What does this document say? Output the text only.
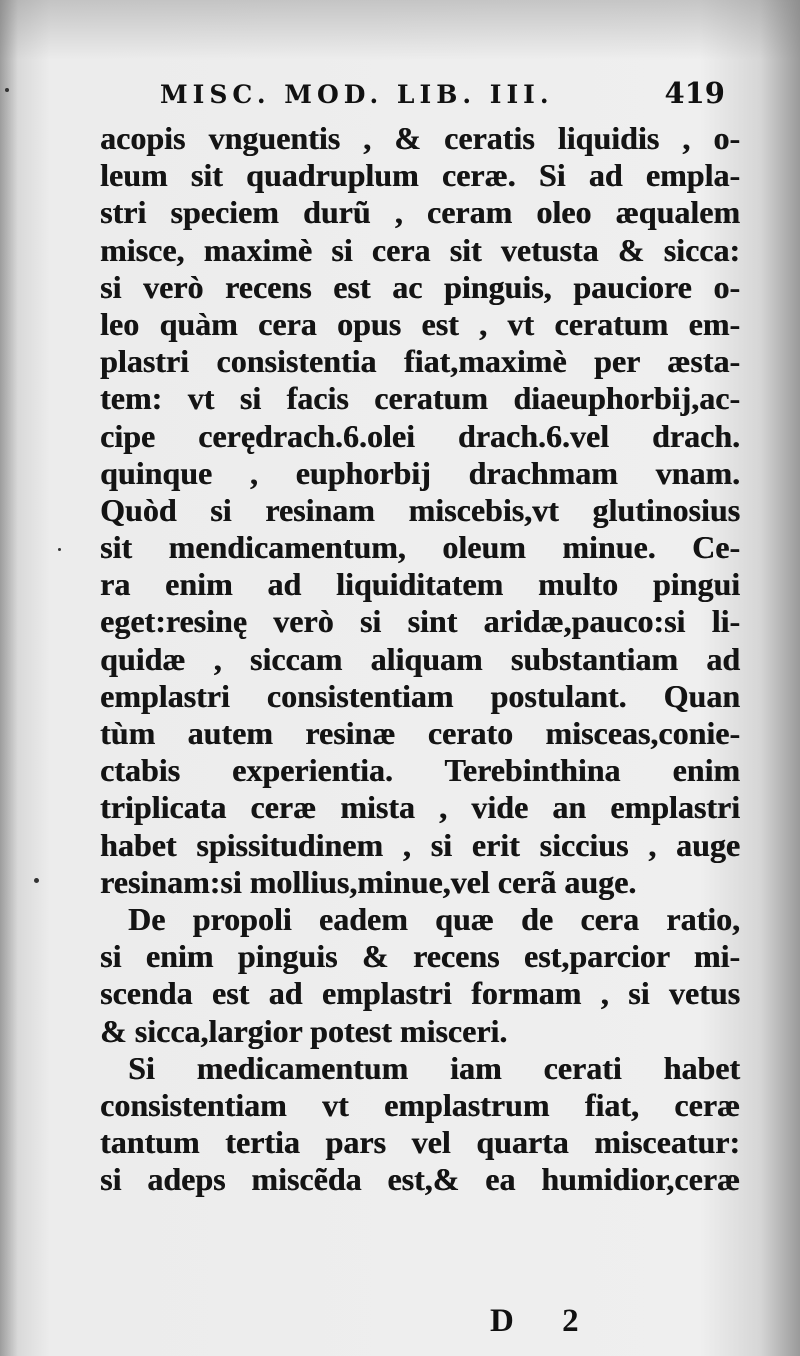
MISC. MOD. LIB. III.	419
acopis vnguentis , & ceratis liquidis , o-
leum sit quadruplum ceræ. Si ad empla-
stri speciem durũ , ceram oleo æqualem
misce, maximè si cera sit vetusta & sicca:
si verò recens est ac pinguis, pauciore o-
leo quàm cera opus est , vt ceratum em-
plastri consistentia fiat,maximè per æsta-
tem: vt si facis ceratum diaeuphorbij,ac-
cipe cerędrach.6.olei drach.6.vel drach.
quinque , euphorbij drachmam vnam.
Quòd si resinam miscebis,vt glutinosius
sit mendicamentum, oleum minue. Ce-
ra enim ad liquiditatem multo pingui
eget:resinę verò si sint aridæ,pauco:si li-
quidæ , siccam aliquam substantiam ad
emplastri consistentiam postulant. Quan
tùm autem resinæ cerato misceas,conie-
ctabis experientia. Terebinthina enim
triplicata ceræ mista , vide an emplastri
habet spissitudinem , si erit siccius , auge
resinam:si mollius,minue,vel cerã auge.
De propoli eadem quæ de cera ratio,
si enim pinguis & recens est,parcior mi-
scenda est ad emplastri formam , si vetus
& sicca,largior potest misceri.
Si medicamentum iam cerati habet
consistentiam vt emplastrum fiat, ceræ
tantum tertia pars vel quarta misceatur:
si adeps miscẽda est,& ea humidior,ceræ
D 2
